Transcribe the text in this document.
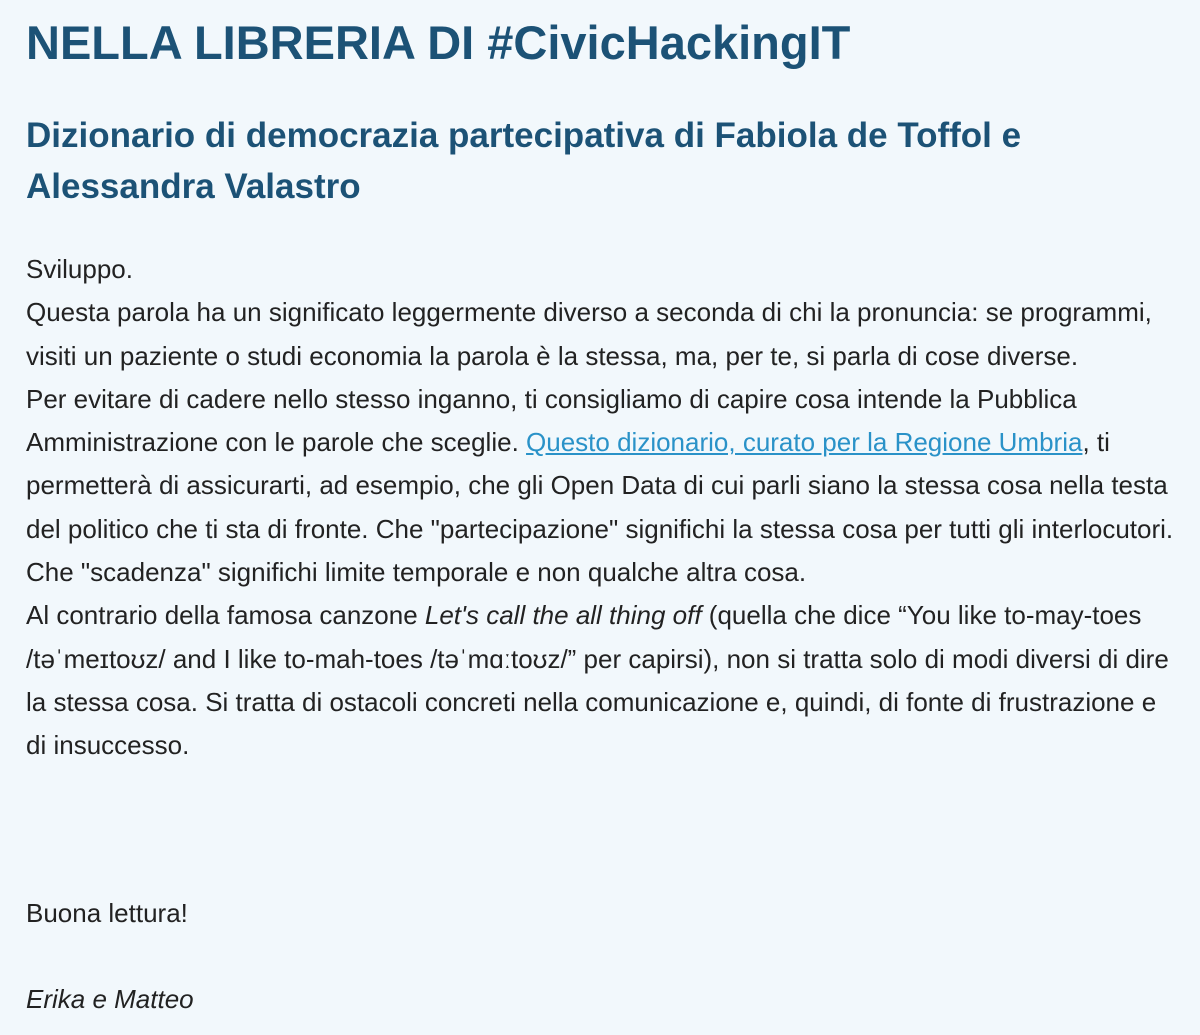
NELLA LIBRERIA DI #CivicHackingIT
Dizionario di democrazia partecipativa di Fabiola de Toffol e Alessandra Valastro

Sviluppo.

Questa parola ha un significato leggermente diverso a seconda di chi la pronuncia: se programmi, visiti un paziente o studi economia la parola è la stessa, ma, per te, si parla di cose diverse.

Per evitare di cadere nello stesso inganno, ti consigliamo di capire cosa intende la Pubblica Amministrazione con le parole che sceglie. Questo dizionario, curato per la Regione Umbria, ti permetterà di assicurarti, ad esempio, che gli Open Data di cui parli siano la stessa cosa nella testa del politico che ti sta di fronte. Che "partecipazione" significhi la stessa cosa per tutti gli interlocutori. Che "scadenza" significhi limite temporale e non qualche altra cosa.

Al contrario della famosa canzone Let's call the all thing off (quella che dice “You like to-may-toes /təˈmeɪtoʊz/ and I like to-mah-toes /təˈmɑːtoʊz/” per capirsi), non si tratta solo di modi diversi di dire la stessa cosa. Si tratta di ostacoli concreti nella comunicazione e, quindi, di fonte di frustrazione e di insuccesso.

Buona lettura!
Erika e Matteo
